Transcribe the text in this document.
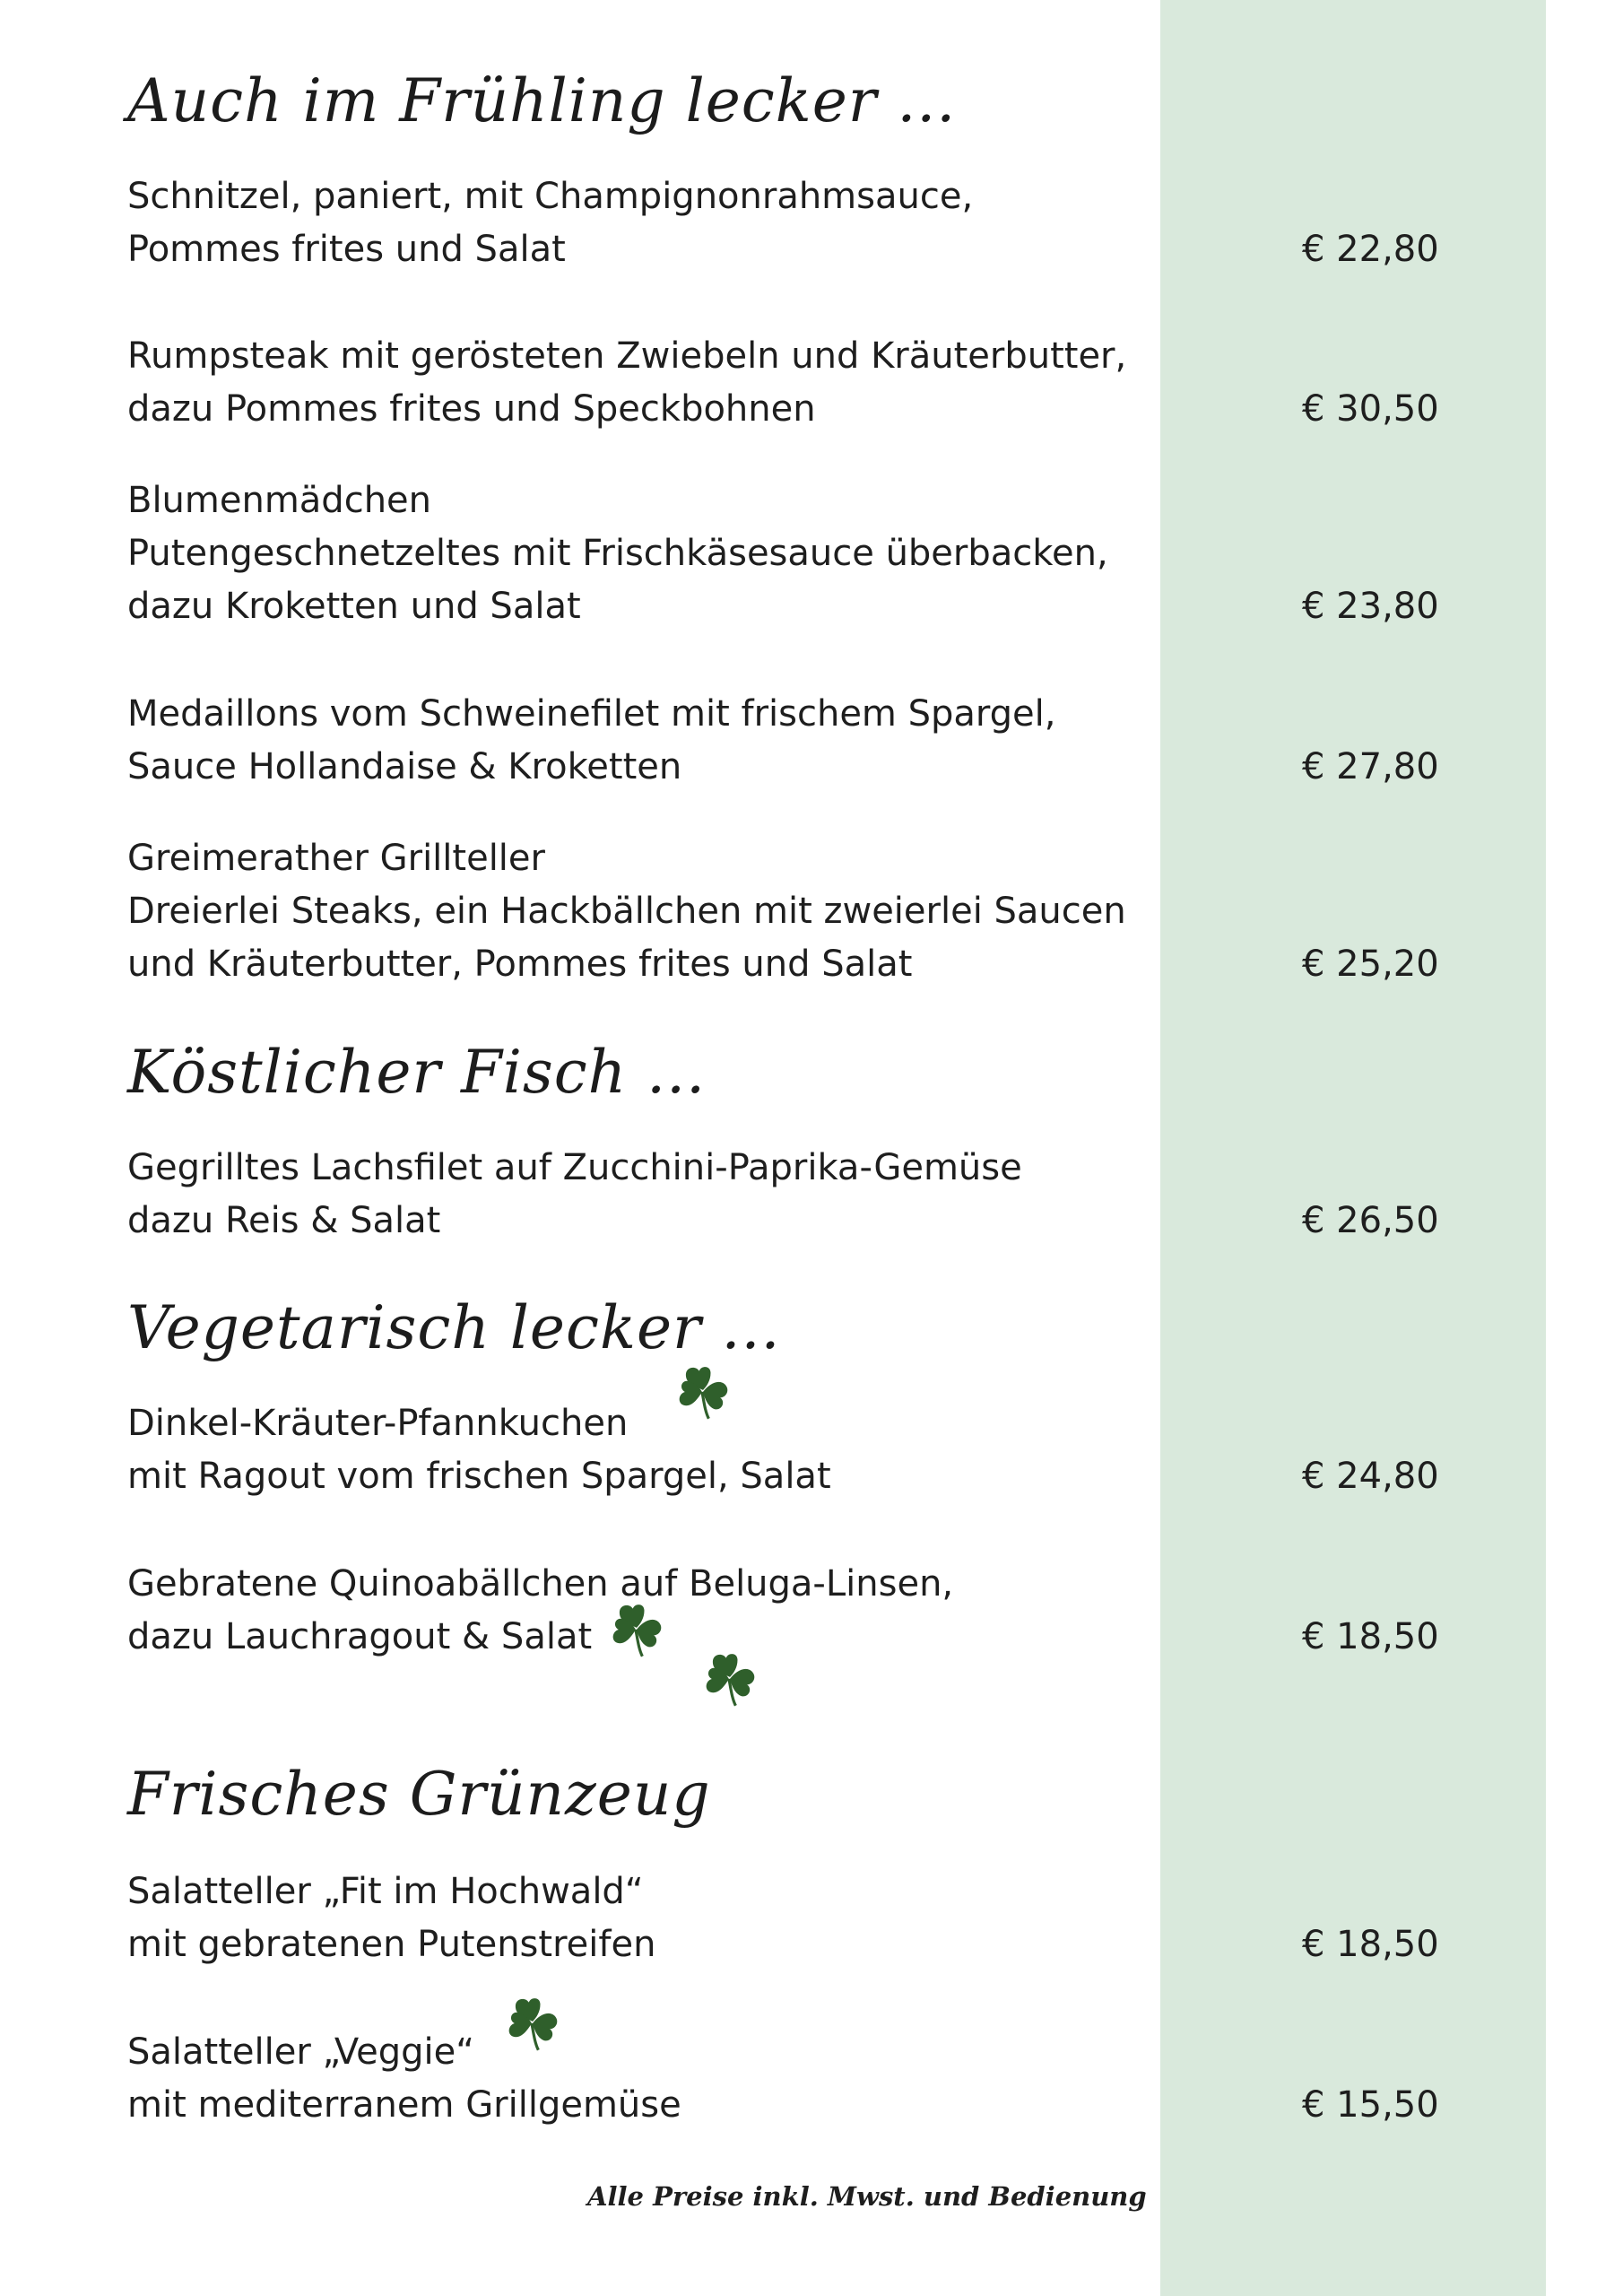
Auch im Frühling lecker ...
Schnitzel, paniert, mit Champignonrahmsauce,
Pommes frites und Salat	€ 22,80
Rumpsteak mit gerösteten Zwiebeln und Kräuterbutter,
dazu Pommes frites und Speckbohnen	€ 30,50
Blumenmädchen
Putengeschnetzeltes mit Frischkäsesauce überbacken,
dazu Kroketten und Salat	€ 23,80
Medaillons vom Schweinefilet mit frischem Spargel,
Sauce Hollandaise & Kroketten	€ 27,80
Greimerather Grillteller
Dreierlei Steaks, ein Hackbällchen mit zweierlei Saucen
und Kräuterbutter, Pommes frites und Salat	€ 25,20
Köstlicher Fisch ...
Gegrilltes Lachsfilet auf Zucchini-Paprika-Gemüse
dazu Reis & Salat	€ 26,50
Vegetarisch lecker ...
Dinkel-Kräuter-Pfannkuchen
mit Ragout vom frischen Spargel, Salat	€ 24,80
Gebratene Quinoabällchen auf Beluga-Linsen,
dazu Lauchragout & Salat	€ 18,50
Frisches Grünzeug
Salatteller „Fit im Hochwald“
mit gebratenen Putenstreifen	€ 18,50
Salatteller „Veggie“
mit mediterranem Grillgemüse	€ 15,50
Alle Preise inkl. Mwst. und Bedienung
